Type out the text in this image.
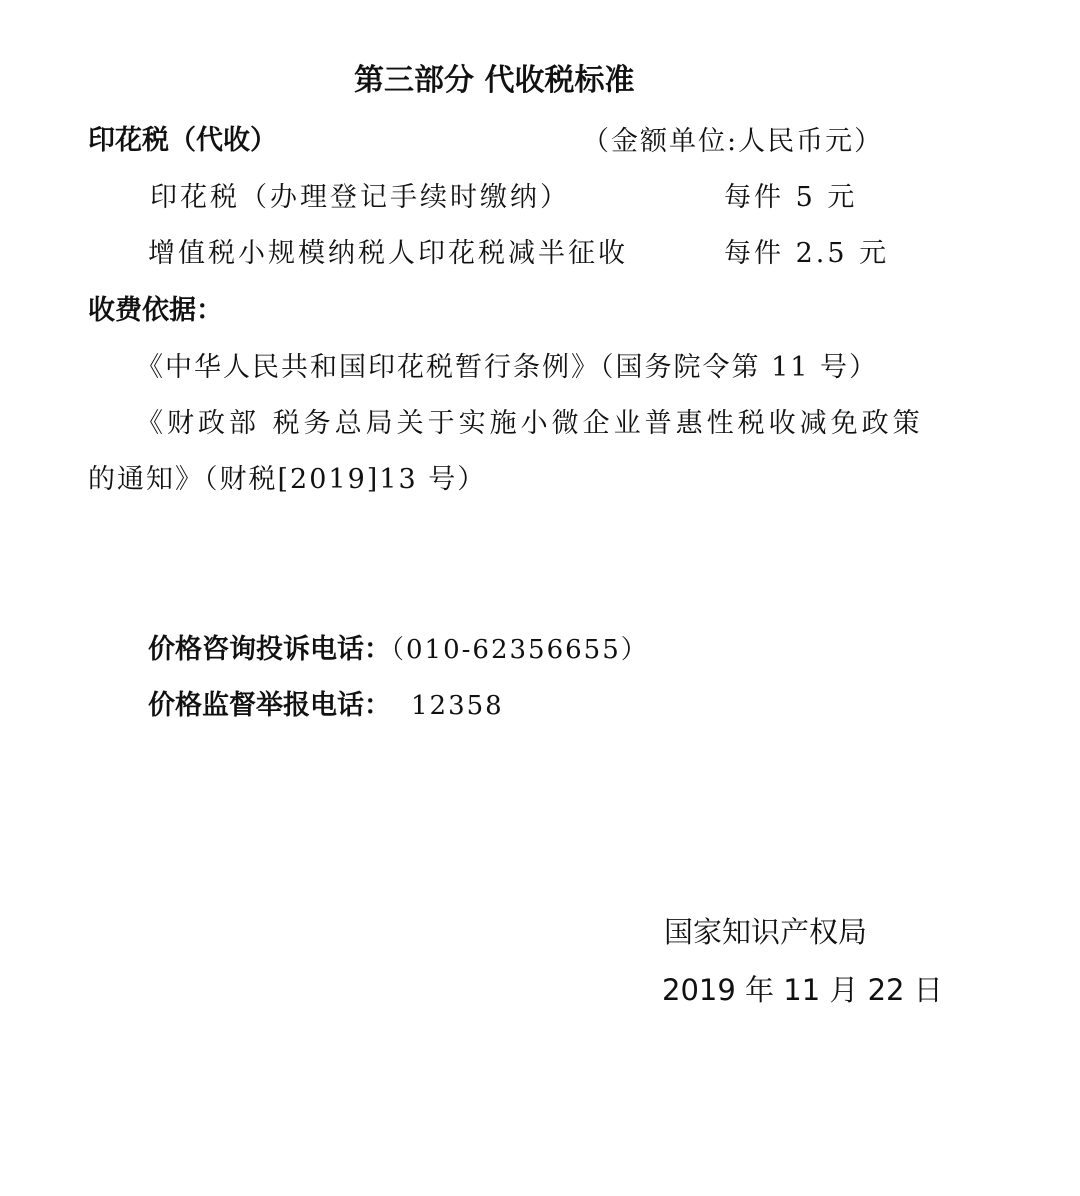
第三部分 代收税标准
印花税（代收）	（金额单位:人民币元）
印花税（办理登记手续时缴纳）	每件 5 元
增值税小规模纳税人印花税减半征收	每件 2.5 元
收费依据：
《中华人民共和国印花税暂行条例》（国务院令第 11 号）
《财政部 税务总局关于实施小微企业普惠性税收减免政策
的通知》（财税[2019]13 号）
价格咨询投诉电话：（010-62356655）
价格监督举报电话： 12358
国家知识产权局
2019 年 11 月 22 日
